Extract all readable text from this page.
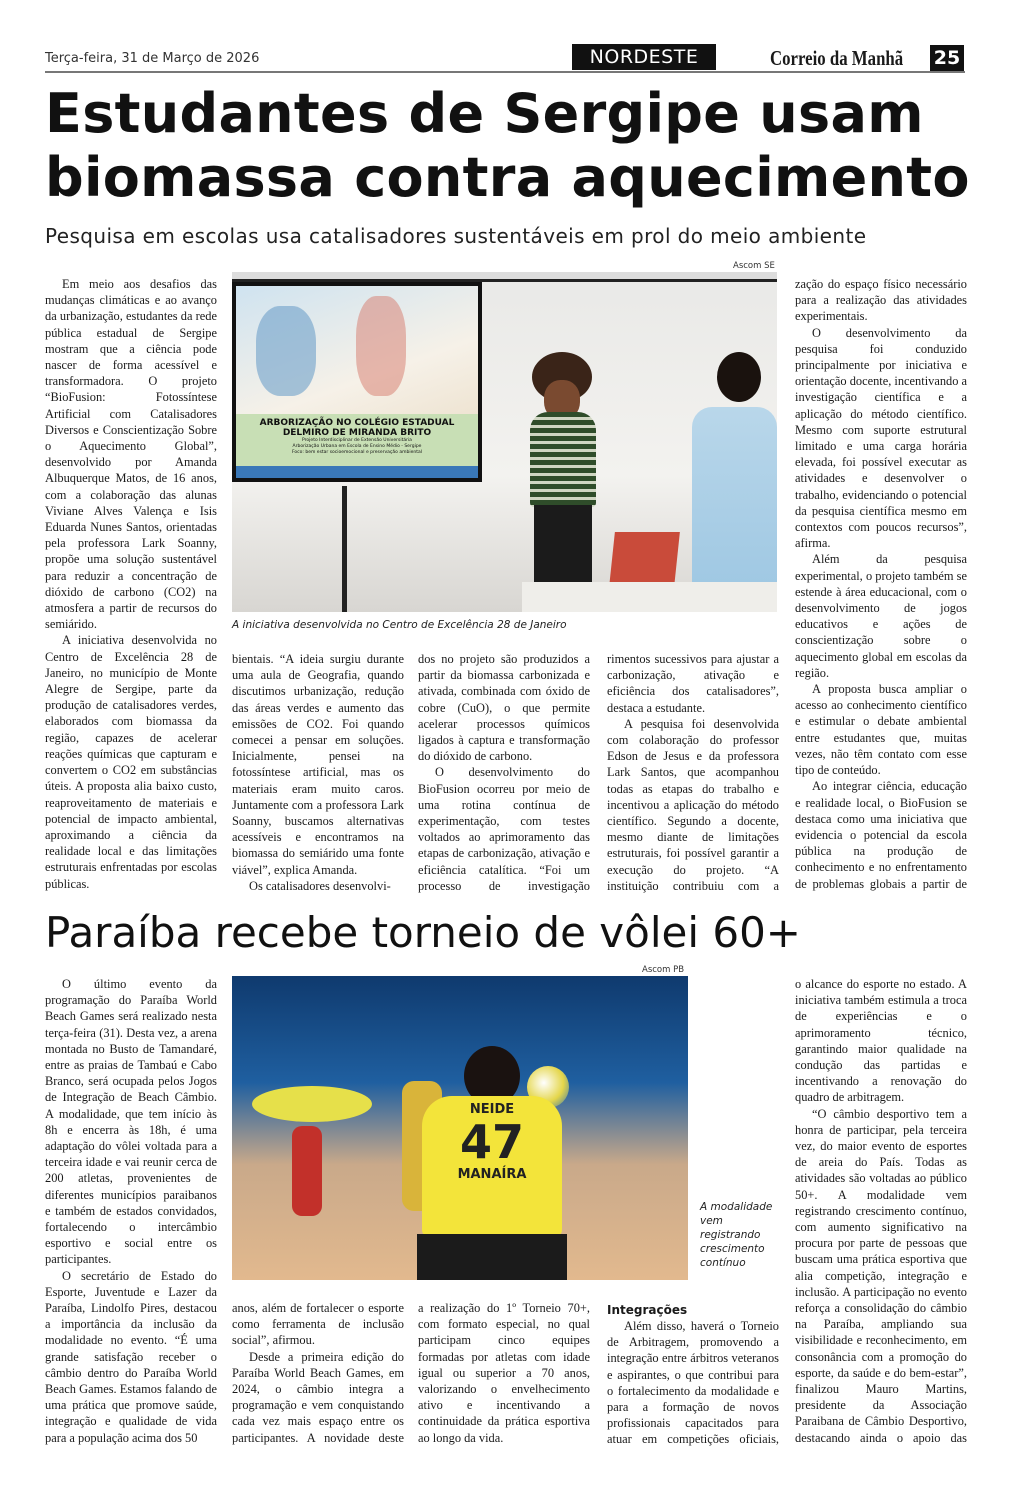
Terça-feira, 31 de Março de 2026	NORDESTE	Correio da Manhã 25
Estudantes de Sergipe usam biomassa contra aquecimento
Pesquisa em escolas usa catalisadores sustentáveis em prol do meio ambiente
Ascom SE
ARBORIZAÇÃO NO COLÉGIO ESTADUAL
DELMIRO DE MIRANDA BRITO
Projeto Interdisciplinar de Extensão Universitária
Arborização Urbana em Escola de Ensino Médio - Sergipe
Foco: bem estar socioemocional e preservação ambiental
A iniciativa desenvolvida no Centro de Excelência 28 de Janeiro

Em meio aos desafios das mudanças climáticas e ao avanço da urbanização, estudantes da rede pública estadual de Sergipe mostram que a ciência pode nascer de forma acessível e transformadora. O projeto “BioFusion: Fotossíntese Artificial com Catalisadores Diversos e Conscientização Sobre o Aquecimento Global”, desenvolvido por Amanda Albuquerque Matos, de 16 anos, com a colaboração das alunas Viviane Alves Valença e Isis Eduarda Nunes Santos, orientadas pela professora Lark Soanny, propõe uma solução sustentável para reduzir a concentração de dióxido de carbono (CO2) na atmosfera a partir de recursos do semiárido.

A iniciativa desenvolvida no Centro de Excelência 28 de Janeiro, no município de Monte Alegre de Sergipe, parte da produção de catalisadores verdes, elaborados com biomassa da região, capazes de acelerar reações químicas que capturam e convertem o CO2 em substâncias úteis. A proposta alia baixo custo, reaproveitamento de materiais e potencial de impacto ambiental, aproximando a ciência da realidade local e das limitações estruturais enfrentadas por escolas públicas.

bientais. “A ideia surgiu durante uma aula de Geografia, quando discutimos urbanização, redução das áreas verdes e aumento das emissões de CO2. Foi quando comecei a pensar em soluções. Inicialmente, pensei na fotossíntese artificial, mas os materiais eram muito caros. Juntamente com a professora Lark Soanny, buscamos alternativas acessíveis e encontramos na biomassa do semiárido uma fonte viável”, explica Amanda.

Os catalisadores desenvolvi-

dos no projeto são produzidos a partir da biomassa carbonizada e ativada, combinada com óxido de cobre (CuO), o que permite acelerar processos químicos ligados à captura e transformação do dióxido de carbono.

O desenvolvimento do BioFusion ocorreu por meio de uma rotina contínua de experimentação, com testes voltados ao aprimoramento das etapas de carbonização, ativação e eficiência catalítica. “Foi um processo de investigação

rimentos sucessivos para ajustar a carbonização, ativação e eficiência dos catalisadores”, destaca a estudante.

A pesquisa foi desenvolvida com colaboração do professor Edson de Jesus e da professora Lark Santos, que acompanhou todas as etapas do trabalho e incentivou a aplicação do método científico. Segundo a docente, mesmo diante de limitações estruturais, foi possível garantir a execução do projeto. “A instituição contribuiu com a

zação do espaço físico necessário para a realização das atividades experimentais.

O desenvolvimento da pesquisa foi conduzido principalmente por iniciativa e orientação docente, incentivando a investigação científica e a aplicação do método científico. Mesmo com suporte estrutural limitado e uma carga horária elevada, foi possível executar as atividades e desenvolver o trabalho, evidenciando o potencial da pesquisa científica mesmo em contextos com poucos recursos”, afirma.

Além da pesquisa experimental, o projeto também se estende à área educacional, com o desenvolvimento de jogos educativos e ações de conscientização sobre o aquecimento global em escolas da região.

A proposta busca ampliar o acesso ao conhecimento científico e estimular o debate ambiental entre estudantes que, muitas vezes, não têm contato com esse tipo de conteúdo.

Ao integrar ciência, educação e realidade local, o BioFusion se destaca como uma iniciativa que evidencia o potencial da escola pública na produção de conhecimento e no enfrentamento de problemas globais a partir de

Paraíba recebe torneio de vôlei 60+
Ascom PB
NEIDE
47
MANAÍRA
A modalidade vem registrando crescimento contínuo

O último evento da programação do Paraíba World Beach Games será realizado nesta terça-feira (31). Desta vez, a arena montada no Busto de Tamandaré, entre as praias de Tambaú e Cabo Branco, será ocupada pelos Jogos de Integração de Beach Câmbio. A modalidade, que tem início às 8h e encerra às 18h, é uma adaptação do vôlei voltada para a terceira idade e vai reunir cerca de 200 atletas, provenientes de diferentes municípios paraibanos e também de estados convidados, fortalecendo o intercâmbio esportivo e social entre os participantes.

O secretário de Estado do Esporte, Juventude e Lazer da Paraíba, Lindolfo Pires, destacou a importância da inclusão da modalidade no evento. “É uma grande satisfação receber o câmbio dentro do Paraíba World Beach Games. Estamos falando de uma prática que promove saúde, integração e qualidade de vida para a população acima dos 50

anos, além de fortalecer o esporte como ferramenta de inclusão social”, afirmou.

Desde a primeira edição do Paraíba World Beach Games, em 2024, o câmbio integra a programação e vem conquistando cada vez mais espaço entre os participantes. A novidade deste

a realização do 1º Torneio 70+, com formato especial, no qual participam cinco equipes formadas por atletas com idade igual ou superior a 70 anos, valorizando o envelhecimento ativo e incentivando a continuidade da prática esportiva ao longo da vida.

Integrações

Além disso, haverá o Torneio de Arbitragem, promovendo a integração entre árbitros veteranos e aspirantes, o que contribui para o fortalecimento da modalidade e para a formação de novos profissionais capacitados para atuar em competições oficiais,

o alcance do esporte no estado. A iniciativa também estimula a troca de experiências e o aprimoramento técnico, garantindo maior qualidade na condução das partidas e incentivando a renovação do quadro de arbitragem.

“O câmbio desportivo tem a honra de participar, pela terceira vez, do maior evento de esportes de areia do País. Todas as atividades são voltadas ao público 50+. A modalidade vem registrando crescimento contínuo, com aumento significativo na procura por parte de pessoas que buscam uma prática esportiva que alia competição, integração e inclusão. A participação no evento reforça a consolidação do câmbio na Paraíba, ampliando sua visibilidade e reconhecimento, em consonância com a promoção do esporte, da saúde e do bem-estar”, finalizou Mauro Martins, presidente da Associação Paraibana de Câmbio Desportivo, destacando ainda o apoio das
